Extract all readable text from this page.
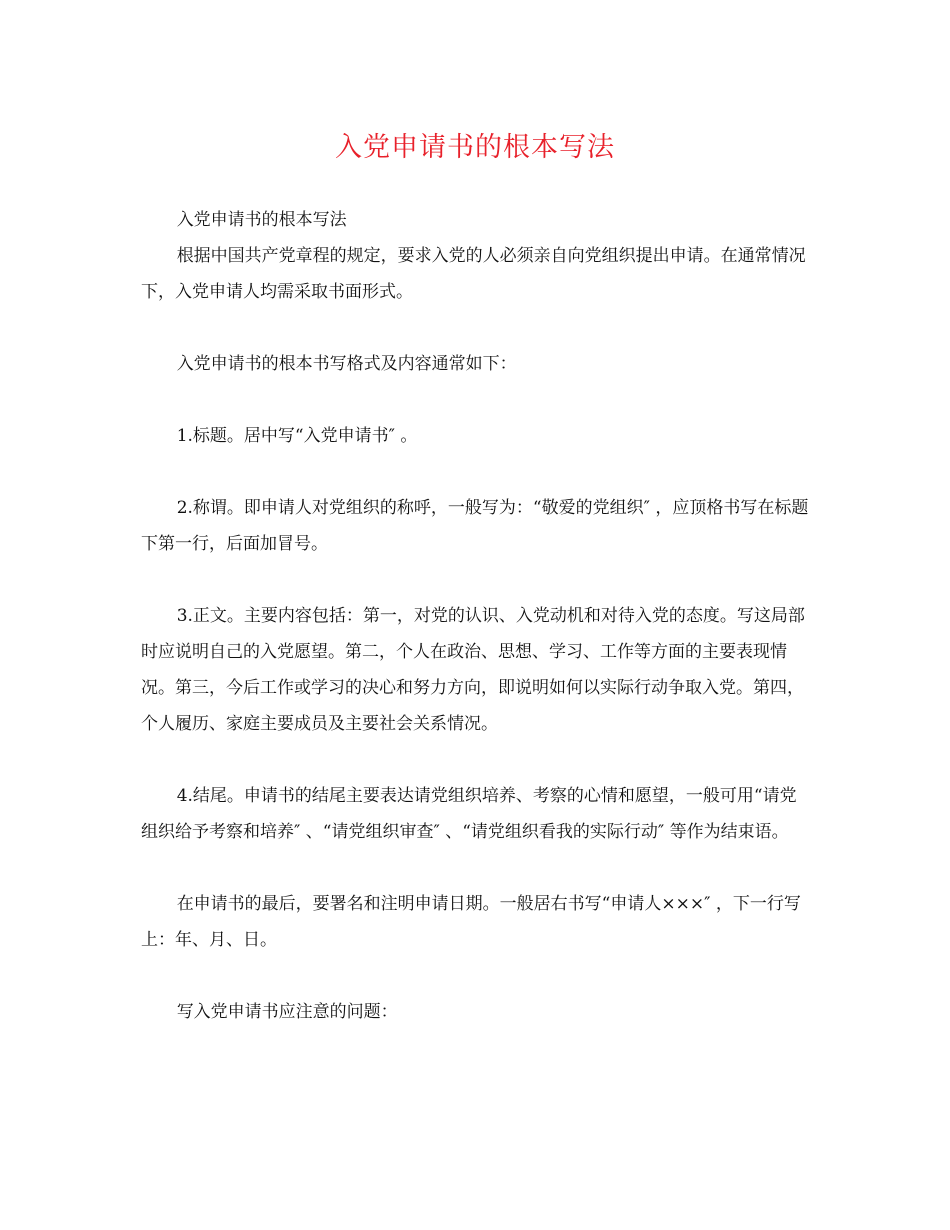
入党申请书的根本写法

入党申请书的根本写法

根据中国共产党章程的规定，要求入党的人必须亲自向党组织提出申请。在通常情况下，入党申请人均需采取书面形式。

入党申请书的根本书写格式及内容通常如下：

1.标题。居中写“入党申请书″ 。

2.称谓。即申请人对党组织的称呼，一般写为：“敬爱的党组织″ ，应顶格书写在标题下第一行，后面加冒号。

3.正文。主要内容包括：第一，对党的认识、入党动机和对待入党的态度。写这局部时应说明自己的入党愿望。第二，个人在政治、思想、学习、工作等方面的主要表现情况。第三，今后工作或学习的决心和努力方向，即说明如何以实际行动争取入党。第四，个人履历、家庭主要成员及主要社会关系情况。

4.结尾。申请书的结尾主要表达请党组织培养、考察的心情和愿望，一般可用“请党组织给予考察和培养″ 、“请党组织审查″ 、“请党组织看我的实际行动″ 等作为结束语。

在申请书的最后，要署名和注明申请日期。一般居右书写“申请人×××″ ，下一行写上：年、月、日。

写入党申请书应注意的问题：
